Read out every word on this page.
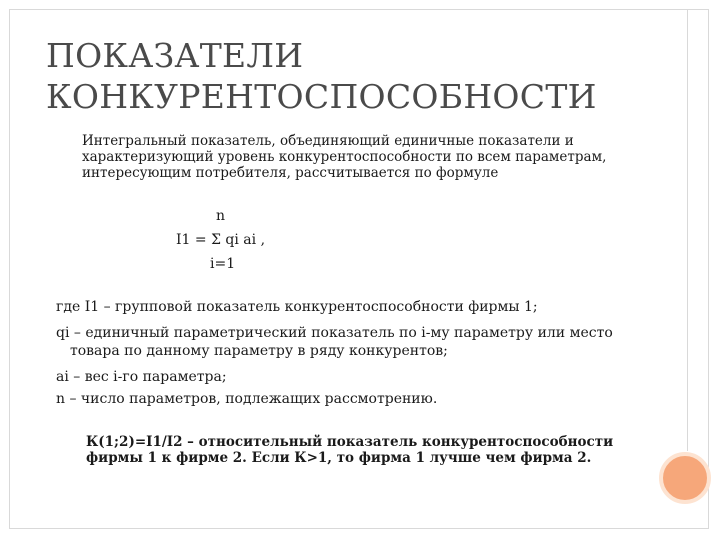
ПОКАЗАТЕЛИ
КОНКУРЕНТОСПОСОБНОСТИ

Интегральный показатель, объединяющий единичные показатели и характеризующий уровень конкурентоспособности по всем параметрам, интересующим потребителя, рассчитывается по формуле

n

I1 = Σ qi ai ,

i=1

где I1 – групповой показатель конкурентоспособности фирмы 1;

qi – единичный параметрический показатель по i-му параметру или место товара по данному параметру в ряду конкурентов;

ai – вес i-го параметра;

n – число параметров, подлежащих рассмотрению.

К(1;2)=I1/I2 – относительный показатель конкурентоспособности фирмы 1 к фирме 2. Если К>1, то фирма 1 лучше чем фирма 2.
